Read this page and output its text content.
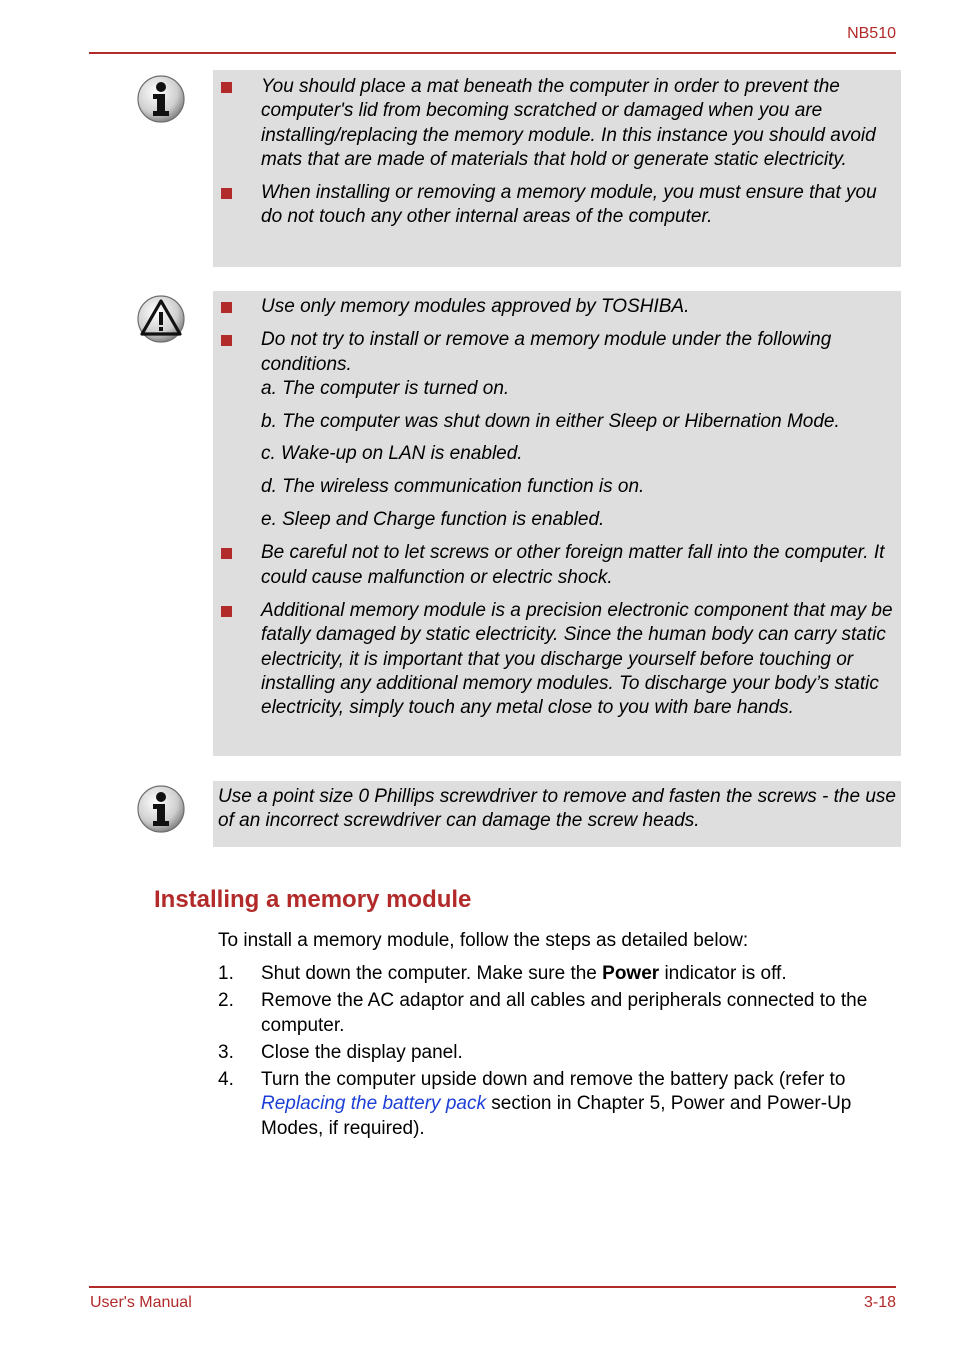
NB510
You should place a mat beneath the computer in order to prevent the computer's lid from becoming scratched or damaged when you are installing/replacing the memory module. In this instance you should avoid mats that are made of materials that hold or generate static electricity.
When installing or removing a memory module, you must ensure that you do not touch any other internal areas of the computer.
Use only memory modules approved by TOSHIBA.
Do not try to install or remove a memory module under the following conditions.
a. The computer is turned on.
b. The computer was shut down in either Sleep or Hibernation Mode.
c. Wake-up on LAN is enabled.
d. The wireless communication function is on.
e. Sleep and Charge function is enabled.
Be careful not to let screws or other foreign matter fall into the computer. It could cause malfunction or electric shock.
Additional memory module is a precision electronic component that may be fatally damaged by static electricity. Since the human body can carry static electricity, it is important that you discharge yourself before touching or installing any additional memory modules. To discharge your body’s static electricity, simply touch any metal close to you with bare hands.
Use a point size 0 Phillips screwdriver to remove and fasten the screws - the use of an incorrect screwdriver can damage the screw heads.
Installing a memory module
To install a memory module, follow the steps as detailed below:
1. Shut down the computer. Make sure the Power indicator is off.
2. Remove the AC adaptor and all cables and peripherals connected to the computer.
3. Close the display panel.
4. Turn the computer upside down and remove the battery pack (refer to Replacing the battery pack section in Chapter 5, Power and Power-Up Modes, if required).
User's Manual	3-18
